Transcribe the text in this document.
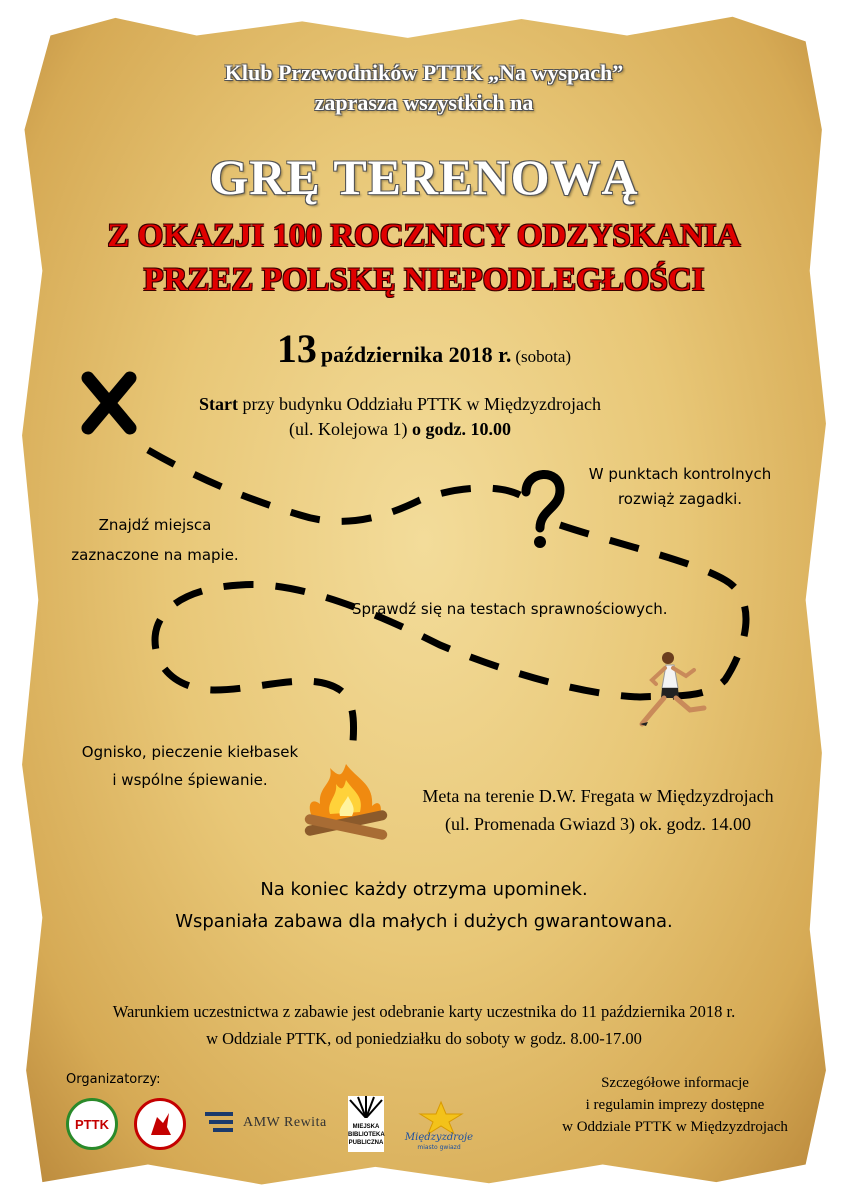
Klub Przewodników PTTK „Na wyspach”
zaprasza wszystkich na
GRĘ TERENOWĄ
Z OKAZJI 100 ROCZNICY ODZYSKANIA
PRZEZ POLSKĘ NIEPODLEGŁOŚCI
13 października 2018 r. (sobota)
Start przy budynku Oddziału PTTK w Międzyzdrojach
(ul. Kolejowa 1) o godz. 10.00
W punktach kontrolnych
rozwiąż zagadki.
Znajdź miejsca
zaznaczone na mapie.
Sprawdź się na testach sprawnościowych.
Ognisko, pieczenie kiełbasek
i wspólne śpiewanie.
Meta na terenie D.W. Fregata w Międzyzdrojach
(ul. Promenada Gwiazd 3) ok. godz. 14.00
Na koniec każdy otrzyma upominek.
Wspaniała zabawa dla małych i dużych gwarantowana.
Warunkiem uczestnictwa z zabawie jest odebranie karty uczestnika do 11 października 2018 r.
w Oddziale PTTK, od poniedziałku do soboty w godz. 8.00-17.00
Organizatorzy:
PTTK	AMW Rewita	MIEJSKA
BIBLIOTEKA
PUBLICZNA Międzyzdroje
miasto gwiazd
Szczegółowe informacje
i regulamin imprezy dostępne
w Oddziale PTTK w Międzyzdrojach
